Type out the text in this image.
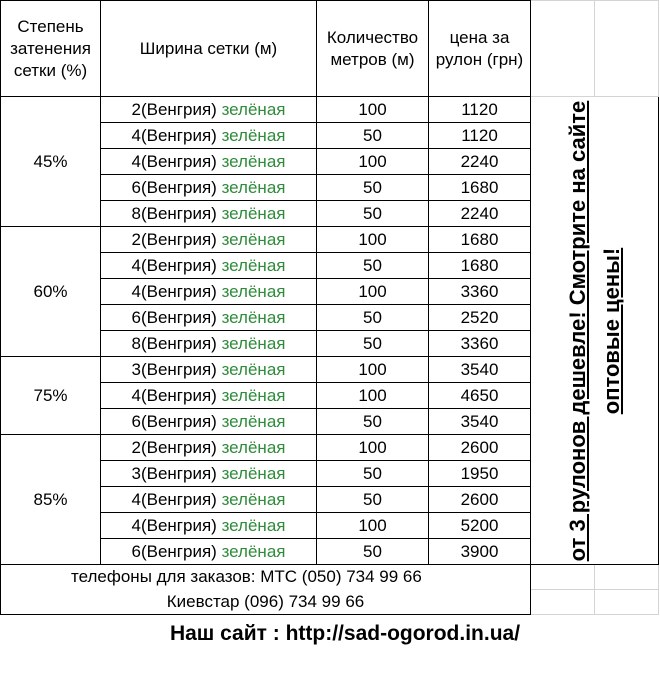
Степень затенения сетки (%)	Ширина сетки (м)	Количество метров (м)	цена за рулон (грн)		
45%	2(Венгрия) зелёная	100	1120	от 3 рулонов дешевле! Смотрите на сайте оптовые цены!	

	4(Венгрия) зелёная	50	1120		
	4(Венгрия) зелёная	100	2240		
	6(Венгрия) зелёная	50	1680		
	8(Венгрия) зелёная	50	2240		
60%	2(Венгрия) зелёная	100	1680		
	4(Венгрия) зелёная	50	1680		
	4(Венгрия) зелёная	100	3360		
	6(Венгрия) зелёная	50	2520		
	8(Венгрия) зелёная	50	3360		
75%	3(Венгрия) зелёная	100	3540		
	4(Венгрия) зелёная	100	4650		
	6(Венгрия) зелёная	50	3540		
85%	2(Венгрия) зелёная	100	2600		
	3(Венгрия) зелёная	50	1950		
	4(Венгрия) зелёная	50	2600		
	4(Венгрия) зелёная	100	5200		
	6(Венгрия) зелёная	50	3900		
телефоны для заказов: МТС (050) 734 99 66					
Киевстар (096) 734 99 66					
Наш сайт : http://sad-ogorod.in.ua/
